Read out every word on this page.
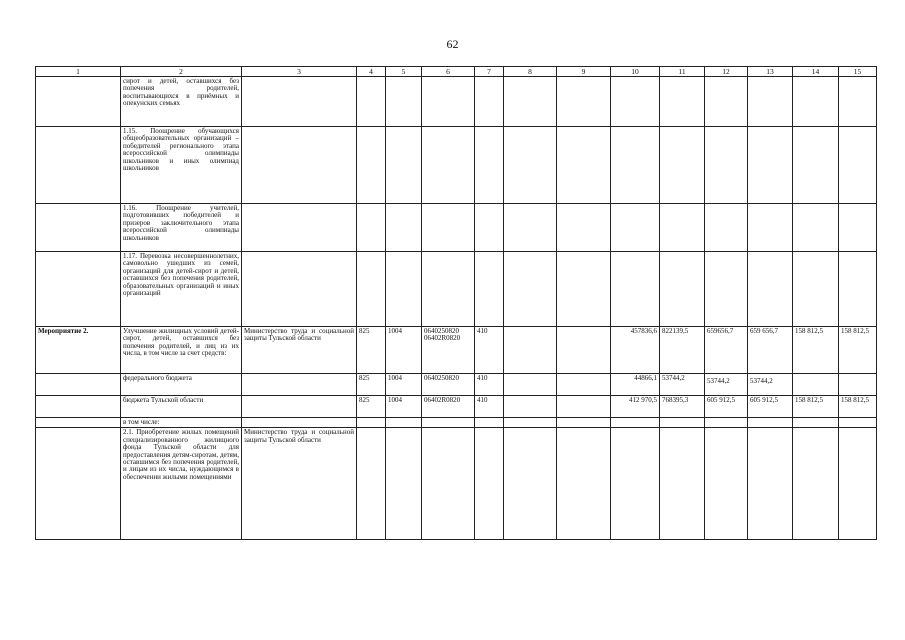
62
1	2	3	4	5	6	7	8	9	10	11	12	13	14	15
	сирот и детей, оставшихся без попечения родителей, воспитывающихся в приёмных и опекунских семьях													
	1.15. Поощрение обучающихся общеобразовательных организаций – победителей регионального этапа всероссийской олимпиады школьников и иных олимпиад школьников													
	1.16. Поощрение учителей, подготовивших победителей и призеров заключительного этапа всероссийской олимпиады школьников													
	1.17. Перевозка несовершеннолетних, самовольно ушедших из семей, организаций для детей-сирот и детей, оставшихся без попечения родителей, образовательных организаций и иных организаций													
Мероприятие 2.	Улучшение жилищных условий детей-сирот, детей, оставшихся без попечения родителей, и лиц из их числа, в том числе за счет средств:	Министерство труда и социальной защиты Тульской области	825	1004	0640250820 06402R0820	410			457836,6	822139,5	659656,7	659 656,7	158 812,5	158 812,5
	федерального бюджета		825	1004	0640250820	410			44866,1	53744,2	53744,2	53744,2		
	бюджета Тульской области		825	1004	06402R0820	410			412 970,5	768395,3	605 912,5	605 912,5	158 812,5	158 812,5
	в том числе:													
	2.1. Приобретение жилых помещений специализированного жилищного фонда Тульской области для предоставления детям-сиротам, детям, оставшимся без попечения родителей, и лицам из их числа, нуждающимся в обеспечении жилыми помещениями	Министерство труда и социальной защиты Тульской области												
